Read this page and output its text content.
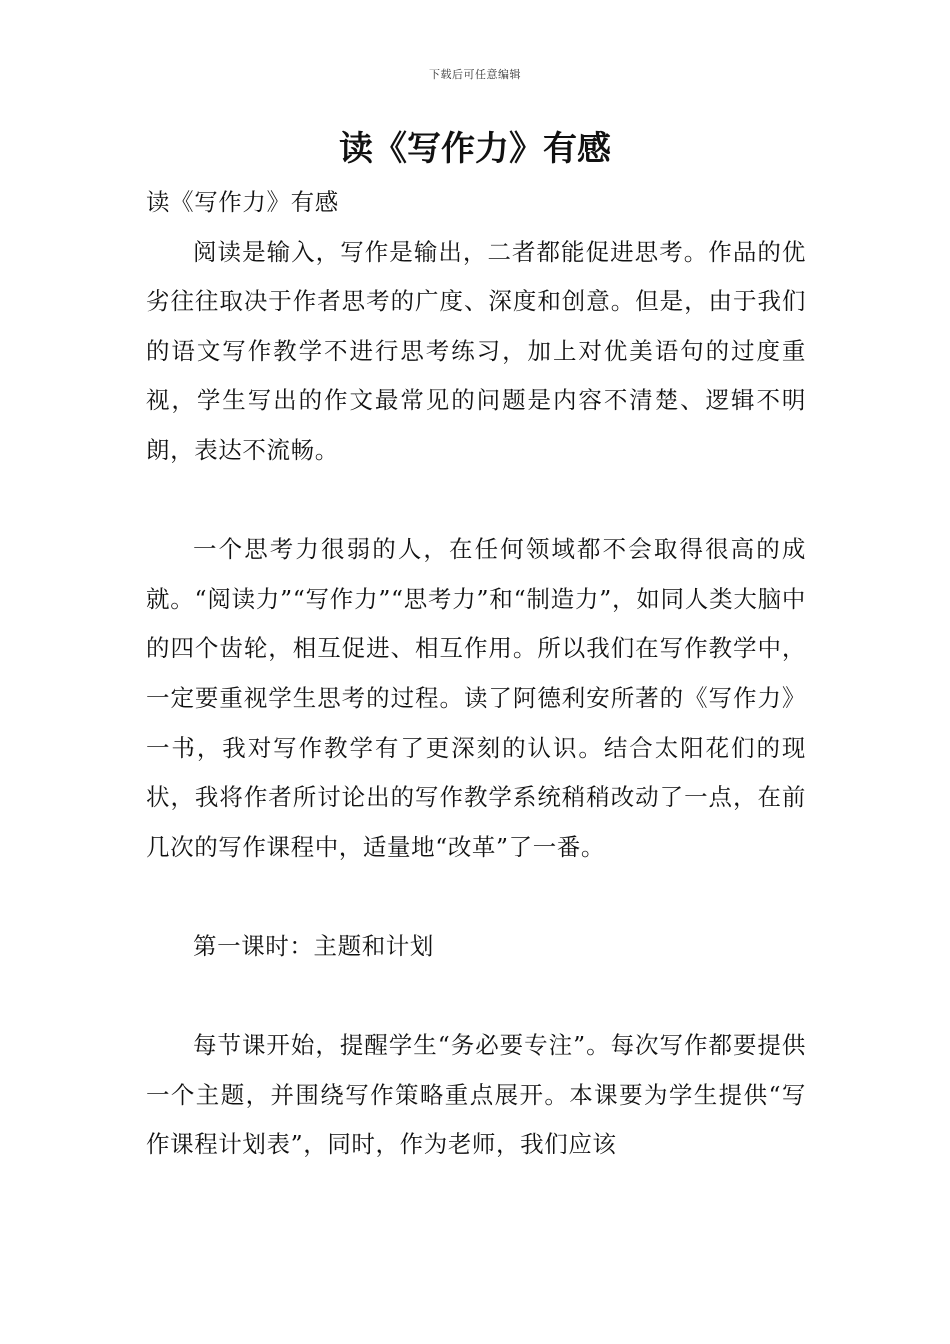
下载后可任意编辑
读《写作力》有感

读《写作力》有感

阅读是输入，写作是输出，二者都能促进思考。作品的优劣往往取决于作者思考的广度、深度和创意。但是，由于我们的语文写作教学不进行思考练习，加上对优美语句的过度重视，学生写出的作文最常见的问题是内容不清楚、逻辑不明朗，表达不流畅。

一个思考力很弱的人，在任何领域都不会取得很高的成就。“阅读力”“写作力”“思考力”和“制造力”，如同人类大脑中的四个齿轮，相互促进、相互作用。所以我们在写作教学中，一定要重视学生思考的过程。读了阿德利安所著的《写作力》一书，我对写作教学有了更深刻的认识。结合太阳花们的现状，我将作者所讨论出的写作教学系统稍稍改动了一点，在前几次的写作课程中，适量地“改革”了一番。

第一课时：主题和计划

每节课开始，提醒学生“务必要专注”。每次写作都要提供一个主题，并围绕写作策略重点展开。本课要为学生提供“写作课程计划表”，同时，作为老师，我们应该
